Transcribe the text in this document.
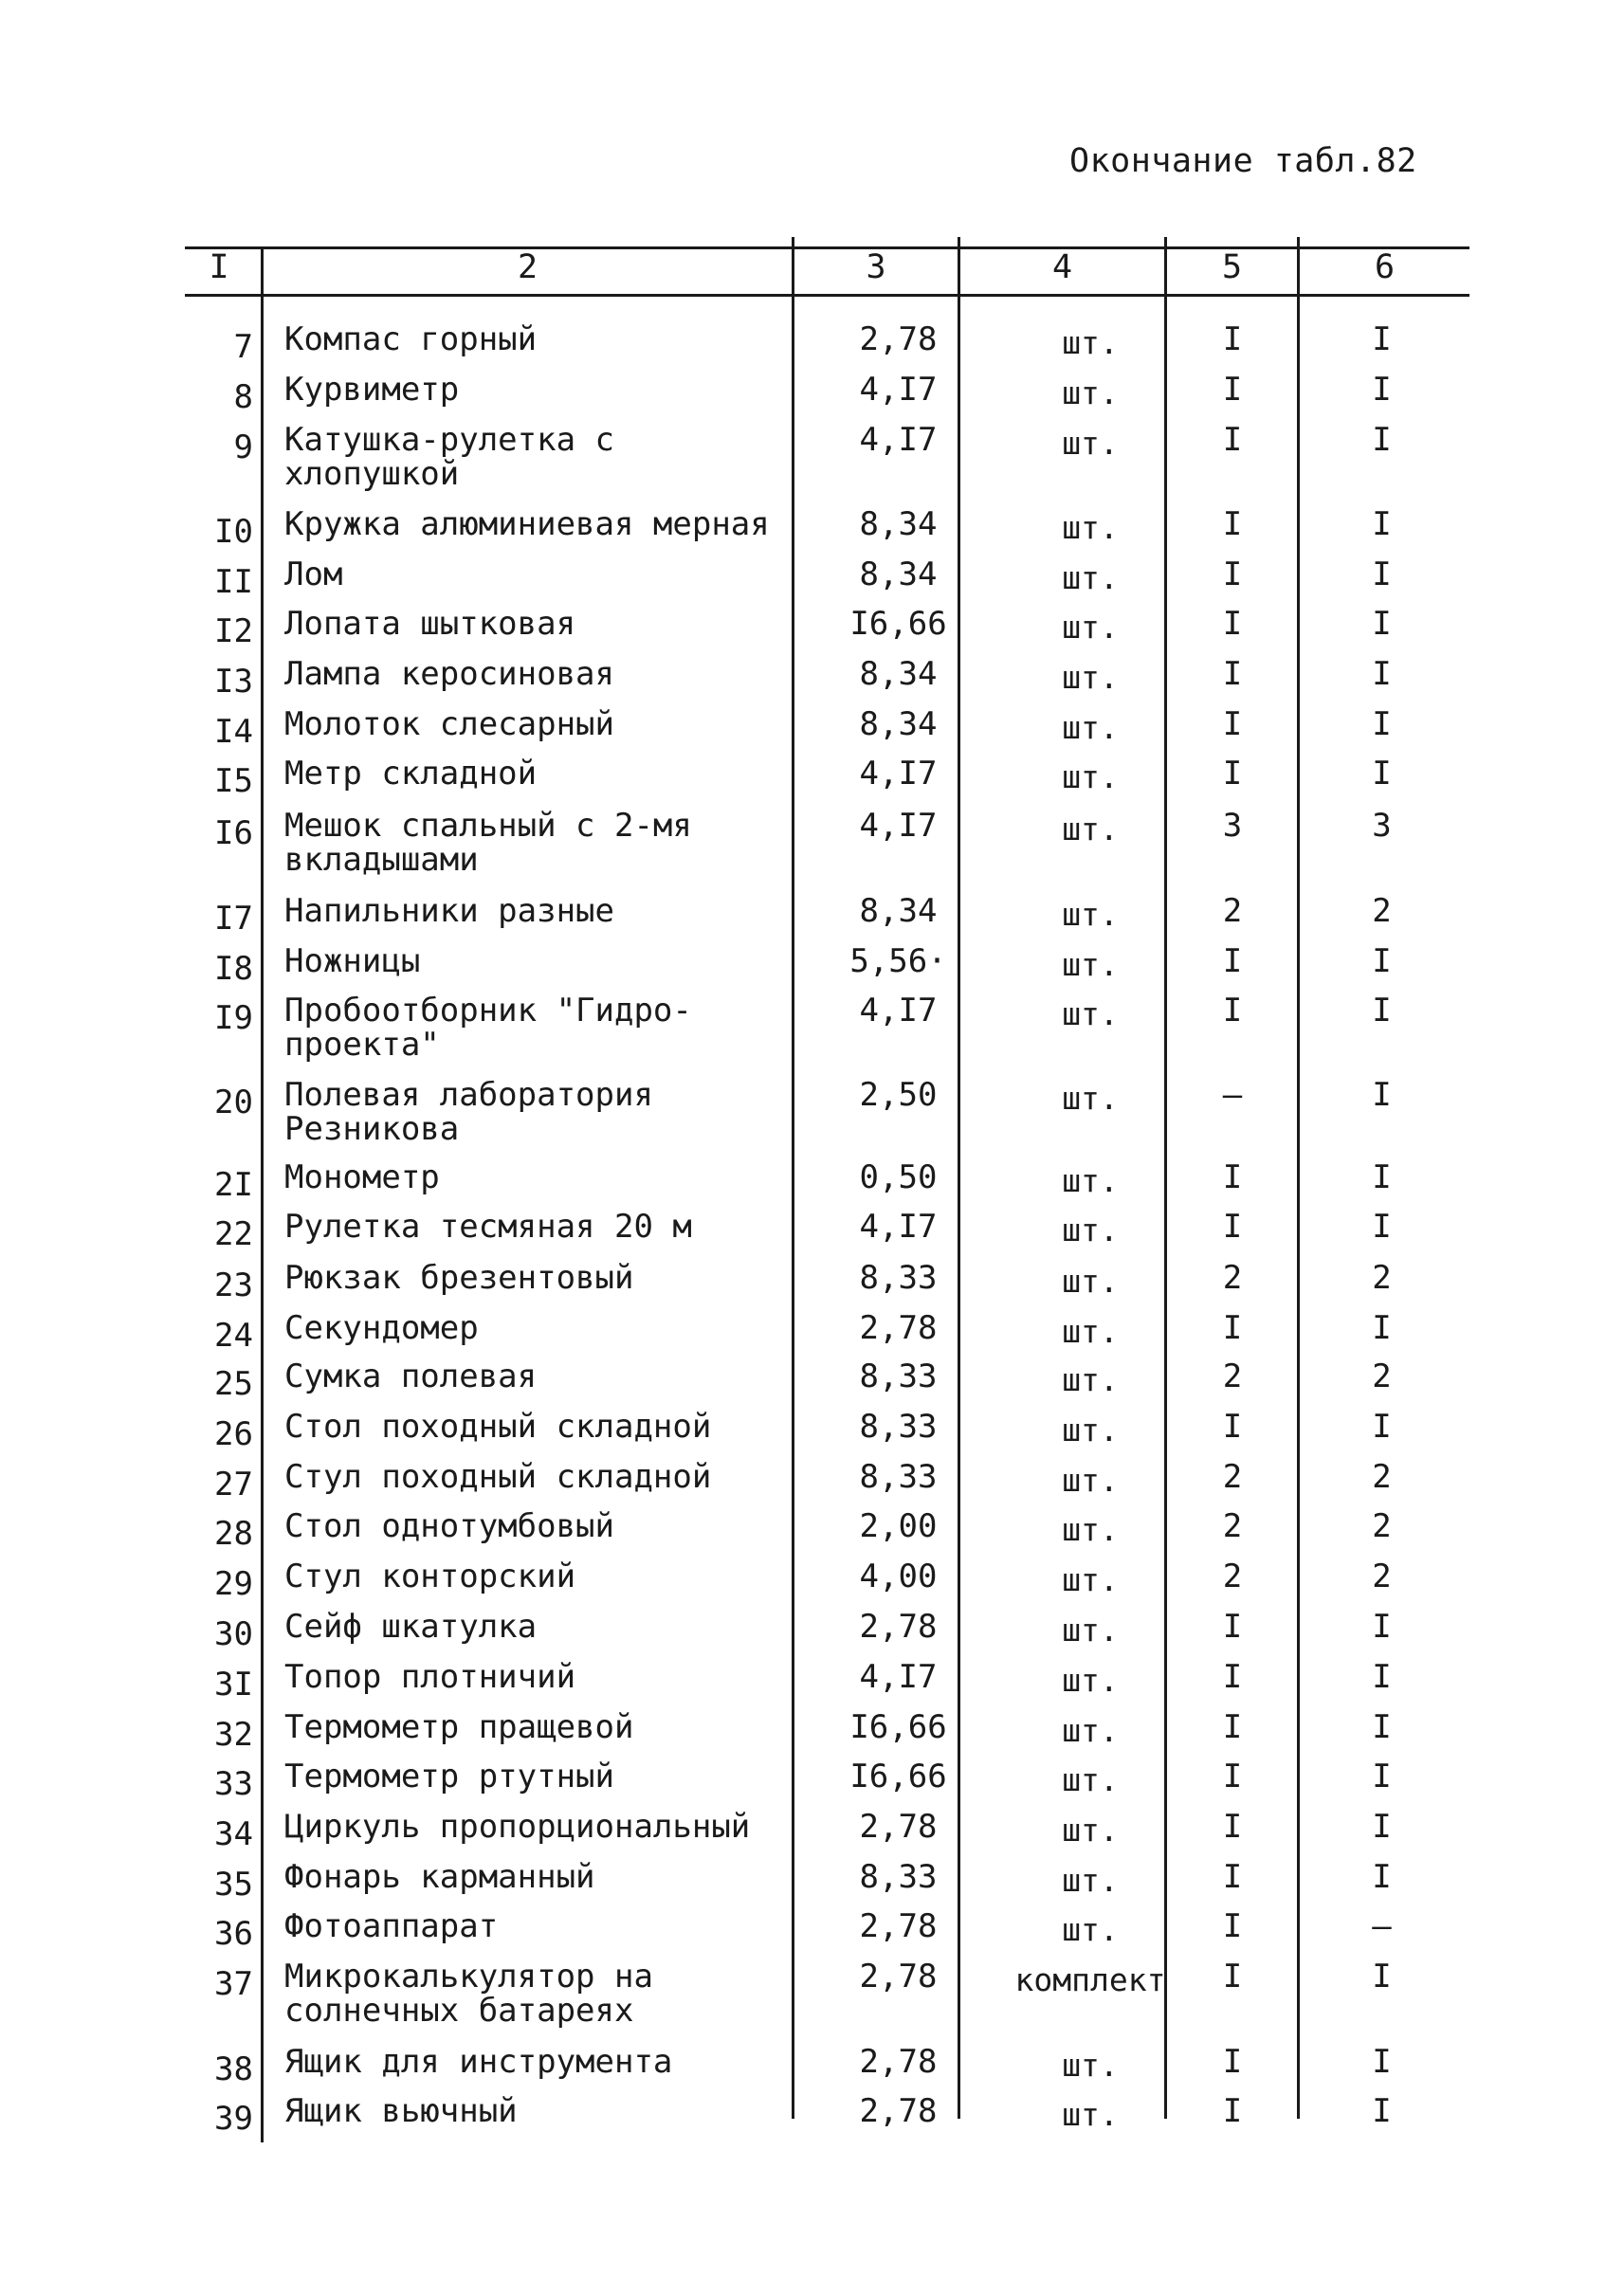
Окончание табл.82
I	2	3	4	5	6
7 Компас горный	2,78	шт.	I	I
8 Курвиметр	4,I7	шт.	I	I
9 Катушка-рулетка с
хлопушкой
4,I7	шт.	I	I
I0 Кружка алюминиевая мерная	8,34	шт.	I	I
II Лом	8,34	шт.	I	I
I2 Лопата шытковая	I6,66	шт.	I	I
I3 Лампа керосиновая	8,34	шт.	I	I
I4 Молоток слесарный	8,34	шт.	I	I
I5 Метр складной	4,I7	шт.	I	I
I6 Мешок спальный с 2-мя
вкладышами
4,I7	шт.	3	3
I7 Напильники разные	8,34	шт.	2	2
I8 Ножницы	5,56·	шт.	I	I
I9 Пробоотборник "Гидро-
проекта"
4,I7	шт.	I	I
20 Полевая лаборатория
Резникова
2,50	шт.	–	I
2I Монометр	0,50	шт.	I	I
22 Рулетка тесмяная 20 м	4,I7	шт.	I	I
23 Рюкзак брезентовый	8,33	шт.	2	2
24 Секундомер	2,78	шт.	I	I
25 Сумка полевая	8,33	шт.	2	2
26 Стол походный складной	8,33	шт.	I	I
27 Стул походный складной	8,33	шт.	2	2
28 Стол однотумбовый	2,00	шт.	2	2
29 Стул конторский	4,00	шт.	2	2
30 Сейф шкатулка	2,78	шт.	I	I
3I Топор плотничий	4,I7	шт.	I	I
32 Термометр пращевой	I6,66	шт.	I	I
33 Термометр ртутный	I6,66	шт.	I	I
34 Циркуль пропорциональный	2,78	шт.	I	I
35 Фонарь карманный	8,33	шт.	I	I
36 Фотоаппарат	2,78	шт.	I	–
37 Микрокалькулятор на
солнечных батареях
2,78	комплект	I	I
38 Ящик для инструмента	2,78	шт.	I	I
39 Ящик вьючный	2,78	шт.	I	I
